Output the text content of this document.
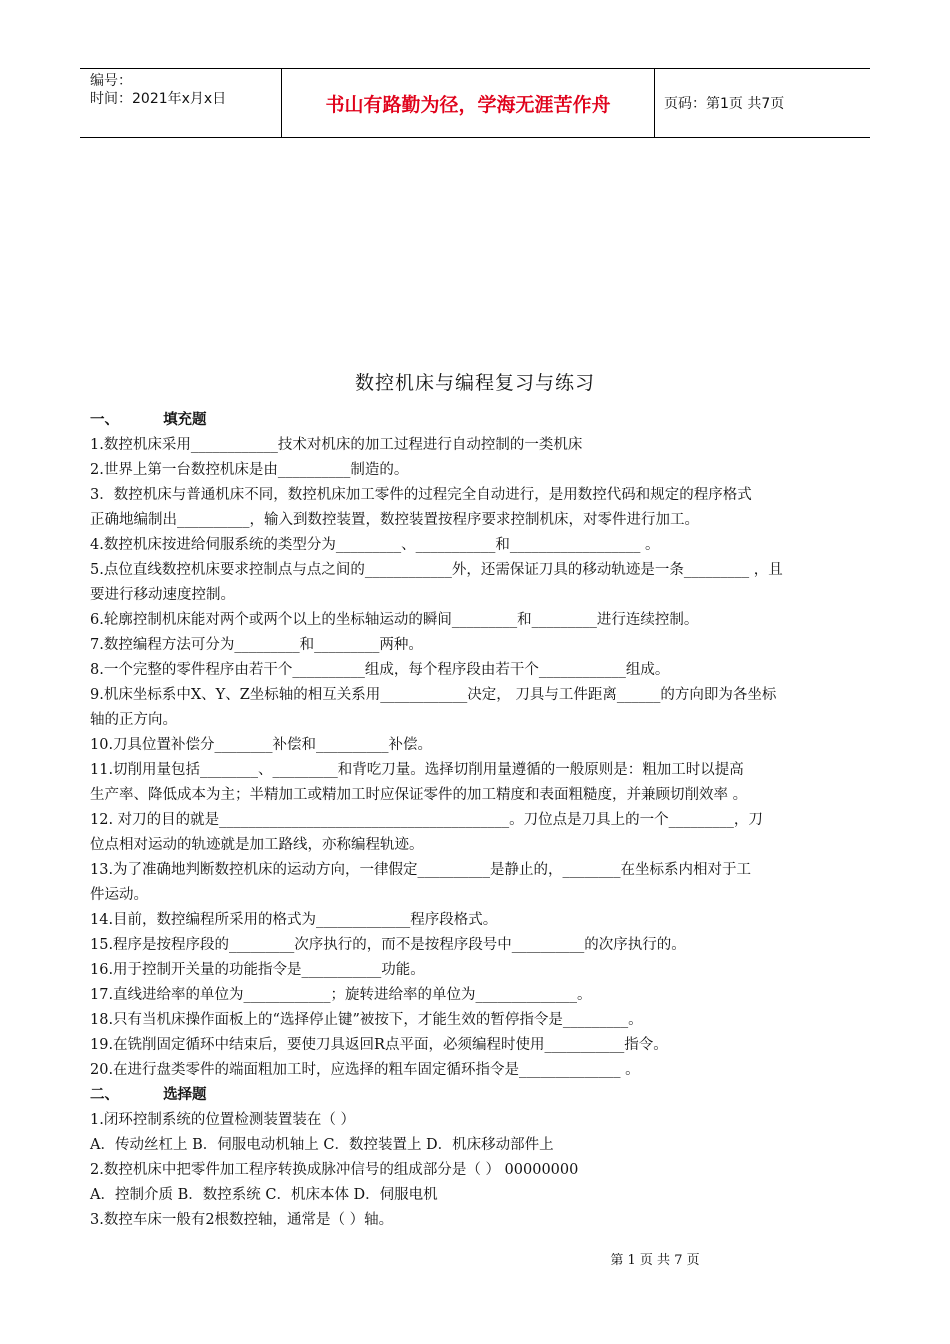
编号：
时间：2021年x月x日	书山有路勤为径，学海无涯苦作舟	页码：第1页 共7页
数控机床与编程复习与练习
一、	填充题
1.数控机床采用____________技术对机床的加工过程进行自动控制的一类机床
2.世界上第一台数控机床是由__________制造的。
3．数控机床与普通机床不同，数控机床加工零件的过程完全自动进行，是用数控代码和规定的程序格式
正确地编制出__________，输入到数控装置，数控装置按程序要求控制机床，对零件进行加工。
4.数控机床按进给伺服系统的类型分为_________、___________和__________________ 。
5.点位直线数控机床要求控制点与点之间的____________外，还需保证刀具的移动轨迹是一条_________ ，且
要进行移动速度控制。
6.轮廓控制机床能对两个或两个以上的坐标轴运动的瞬间_________和_________进行连续控制。
7.数控编程方法可分为_________和_________两种。
8.一个完整的零件程序由若干个__________组成，每个程序段由若干个____________组成。
9.机床坐标系中X、Y、Z坐标轴的相互关系用____________决定， 刀具与工件距离______的方向即为各坐标
轴的正方向。
10.刀具位置补偿分________补偿和__________补偿。
11.切削用量包括________、_________和背吃刀量。选择切削用量遵循的一般原则是：粗加工时以提高
生产率、降低成本为主；半精加工或精加工时应保证零件的加工精度和表面粗糙度，并兼顾切削效率 。
12. 对刀的目的就是________________________________________。刀位点是刀具上的一个_________，刀
位点相对运动的轨迹就是加工路线，亦称编程轨迹。
13.为了准确地判断数控机床的运动方向，一律假定__________是静止的，________在坐标系内相对于工
件运动。
14.目前，数控编程所采用的格式为_____________程序段格式。
15.程序是按程序段的_________次序执行的，而不是按程序段号中__________的次序执行的。
16.用于控制开关量的功能指令是___________功能。
17.直线进给率的单位为____________；旋转进给率的单位为______________。
18.只有当机床操作面板上的“选择停止键”被按下，才能生效的暂停指令是_________。
19.在铣削固定循环中结束后，要使刀具返回R点平面，必须编程时使用___________指令。
20.在进行盘类零件的端面粗加工时，应选择的粗车固定循环指令是______________ 。
二、	选择题
1.闭环控制系统的位置检测装置装在（ ）
A．传动丝杠上 B．伺服电动机轴上 C．数控装置上 D．机床移动部件上
2.数控机床中把零件加工程序转换成脉冲信号的组成部分是（ ） 00000000
A．控制介质 B．数控系统 C．机床本体 D．伺服电机
3.数控车床一般有2根数控轴，通常是（ ）轴。
第 1 页 共 7 页
